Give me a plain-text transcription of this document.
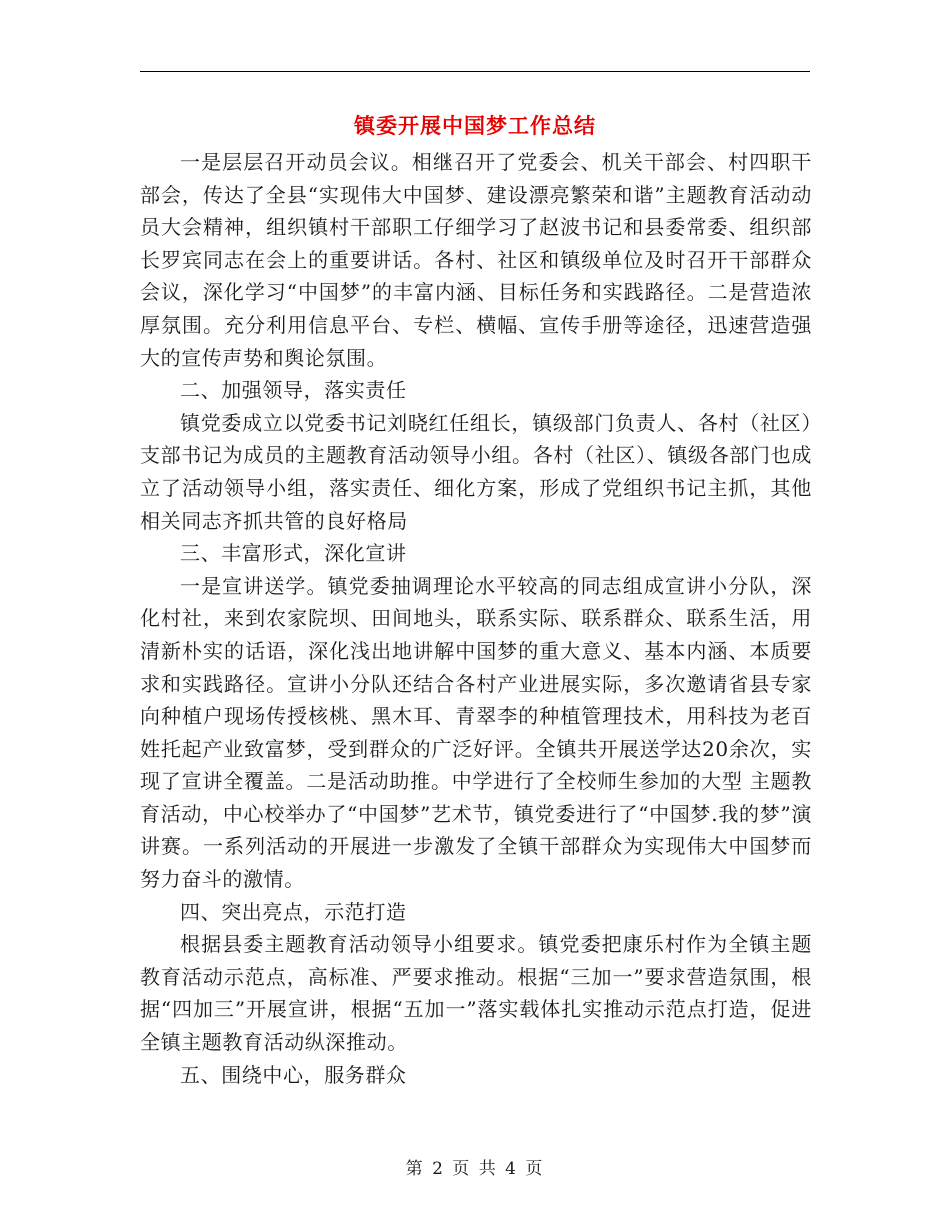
镇委开展中国梦工作总结

一是层层召开动员会议。相继召开了党委会、机关干部会、村四职干部会，传达了全县“实现伟大中国梦、建设漂亮繁荣和谐”主题教育活动动员大会精神，组织镇村干部职工仔细学习了赵波书记和县委常委、组织部长罗宾同志在会上的重要讲话。各村、社区和镇级单位及时召开干部群众会议，深化学习“中国梦”的丰富内涵、目标任务和实践路径。二是营造浓厚氛围。充分利用信息平台、专栏、横幅、宣传手册等途径，迅速营造强大的宣传声势和舆论氛围。

二、加强领导，落实责任

镇党委成立以党委书记刘晓红任组长，镇级部门负责人、各村（社区）支部书记为成员的主题教育活动领导小组。各村（社区）、镇级各部门也成立了活动领导小组，落实责任、细化方案，形成了党组织书记主抓，其他相关同志齐抓共管的良好格局

三、丰富形式，深化宣讲

一是宣讲送学。镇党委抽调理论水平较高的同志组成宣讲小分队，深化村社，来到农家院坝、田间地头，联系实际、联系群众、联系生活，用清新朴实的话语，深化浅出地讲解中国梦的重大意义、基本内涵、本质要求和实践路径。宣讲小分队还结合各村产业进展实际，多次邀请省县专家向种植户现场传授核桃、黑木耳、青翠李的种植管理技术，用科技为老百姓托起产业致富梦，受到群众的广泛好评。全镇共开展送学达20余次，实现了宣讲全覆盖。二是活动助推。中学进行了全校师生参加的大型 主题教育活动，中心校举办了“中国梦”艺术节，镇党委进行了“中国梦.我的梦”演讲赛。一系列活动的开展进一步激发了全镇干部群众为实现伟大中国梦而努力奋斗的激情。

四、突出亮点，示范打造

根据县委主题教育活动领导小组要求。镇党委把康乐村作为全镇主题教育活动示范点，高标准、严要求推动。根据“三加一”要求营造氛围，根据“四加三”开展宣讲，根据“五加一”落实载体扎实推动示范点打造，促进全镇主题教育活动纵深推动。

五、围绕中心，服务群众

第 2 页 共 4 页
